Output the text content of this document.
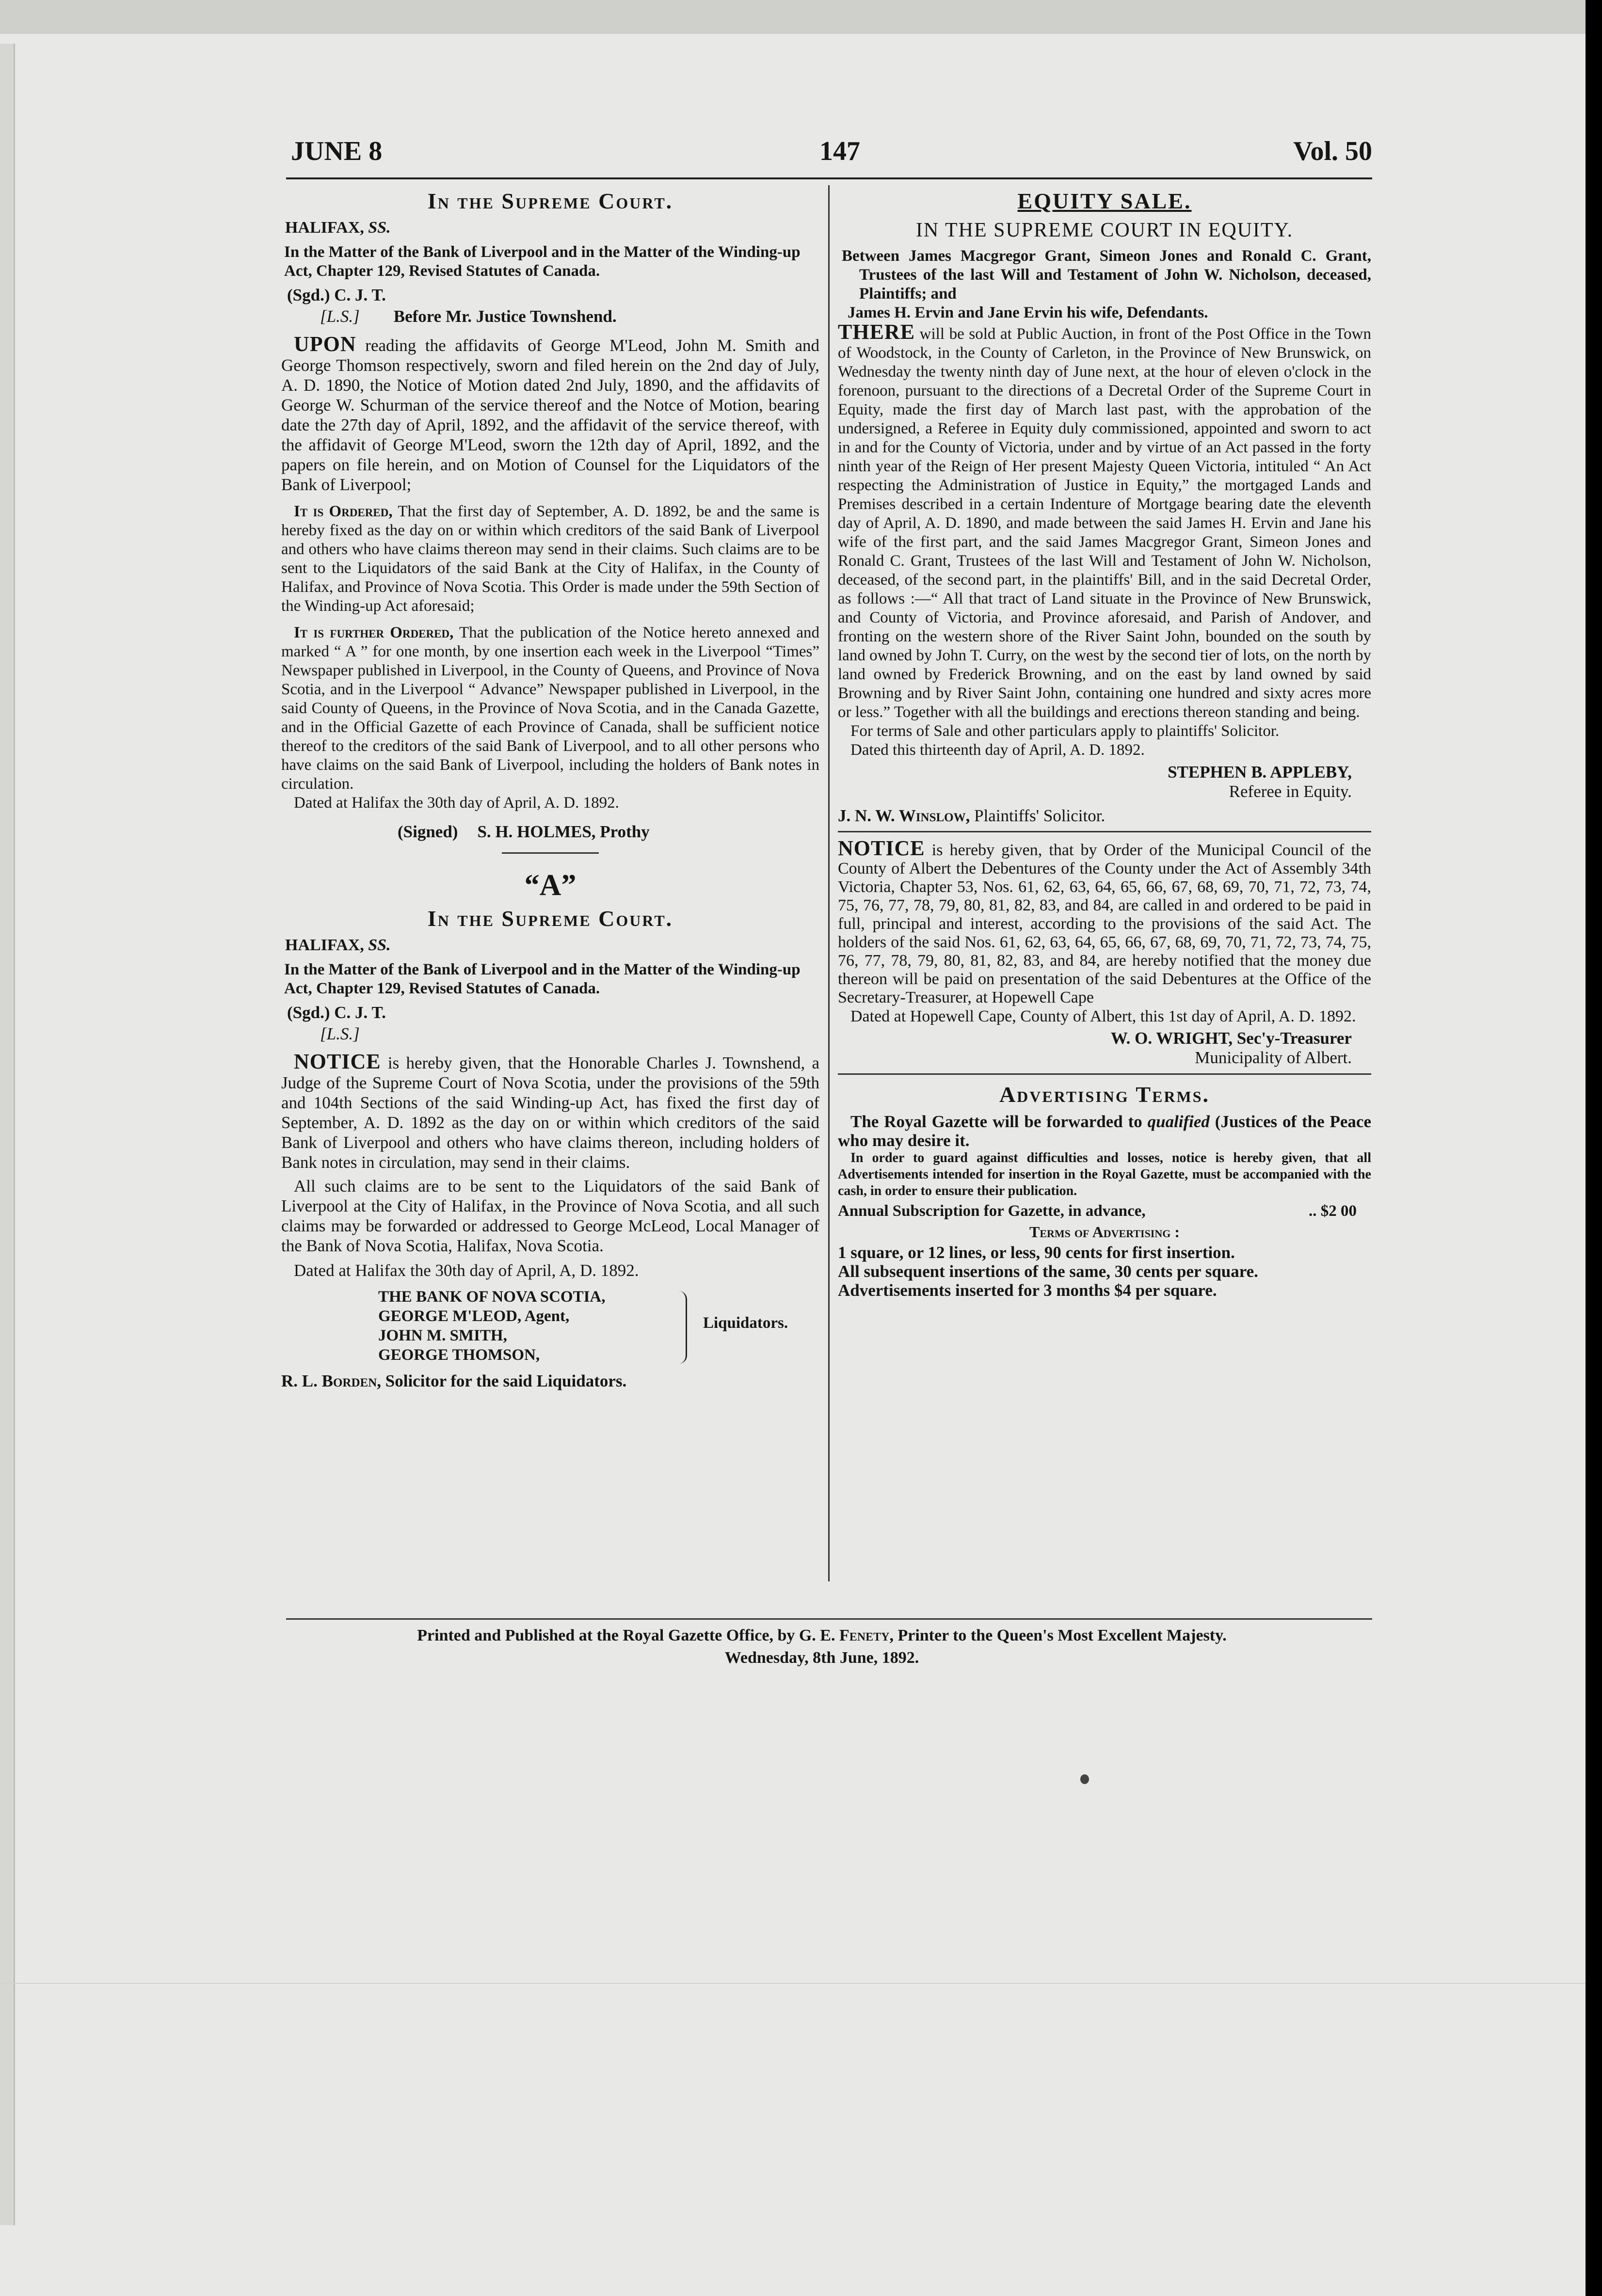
JUNE 8	147	Vol. 50

In the Supreme Court.

HALIFAX, SS.

In the Matter of the Bank of Liverpool and in the Matter of the Winding-up Act, Chapter 129, Revised Statutes of Canada.

(Sgd.) C. J. T.

[L.S.] Before Mr. Justice Townshend.

UPON reading the affidavits of George M'Leod, John M. Smith and George Thomson respectively, sworn and filed herein on the 2nd day of July, A. D. 1890, the Notice of Motion dated 2nd July, 1890, and the affidavits of George W. Schurman of the service thereof and the Notce of Motion, bearing date the 27th day of April, 1892, and the affidavit of the service thereof, with the affidavit of George M'Leod, sworn the 12th day of April, 1892, and the papers on file herein, and on Motion of Counsel for the Liquidators of the Bank of Liverpool;

It is Ordered, That the first day of September, A. D. 1892, be and the same is hereby fixed as the day on or within which creditors of the said Bank of Liverpool and others who have claims thereon may send in their claims. Such claims are to be sent to the Liquidators of the said Bank at the City of Halifax, in the County of Halifax, and Province of Nova Scotia. This Order is made under the 59th Section of the Winding-up Act aforesaid;

It is further Ordered, That the publication of the Notice hereto annexed and marked “ A ” for one month, by one insertion each week in the Liverpool “Times” Newspaper published in Liverpool, in the County of Queens, and Province of Nova Scotia, and in the Liverpool “ Advance” Newspaper published in Liverpool, in the said County of Queens, in the Province of Nova Scotia, and in the Canada Gazette, and in the Official Gazette of each Province of Canada, shall be sufficient notice thereof to the creditors of the said Bank of Liverpool, and to all other persons who have claims on the said Bank of Liverpool, including the holders of Bank notes in circulation.

Dated at Halifax the 30th day of April, A. D. 1892.

(Signed) S. H. HOLMES, Prothy

“A”

In the Supreme Court.

HALIFAX, SS.

In the Matter of the Bank of Liverpool and in the Matter of the Winding-up Act, Chapter 129, Revised Statutes of Canada.

(Sgd.) C. J. T.

[L.S.]

NOTICE is hereby given, that the Honorable Charles J. Townshend, a Judge of the Supreme Court of Nova Scotia, under the provisions of the 59th and 104th Sections of the said Winding-up Act, has fixed the first day of September, A. D. 1892 as the day on or within which creditors of the said Bank of Liverpool and others who have claims thereon, including holders of Bank notes in circulation, may send in their claims.

All such claims are to be sent to the Liquidators of the said Bank of Liverpool at the City of Halifax, in the Province of Nova Scotia, and all such claims may be forwarded or addressed to George McLeod, Local Manager of the Bank of Nova Scotia, Halifax, Nova Scotia.

Dated at Halifax the 30th day of April, A, D. 1892.

THE BANK OF NOVA SCOTIA,
GEORGE M'LEOD, Agent,
JOHN M. SMITH,
GEORGE THOMSON,
Liquidators.

R. L. Borden, Solicitor for the said Liquidators.

EQUITY SALE.

IN THE SUPREME COURT IN EQUITY.

Between James Macgregor Grant, Simeon Jones and Ronald C. Grant, Trustees of the last Will and Testament of John W. Nicholson, deceased, Plaintiffs; and

James H. Ervin and Jane Ervin his wife, Defendants.

THERE will be sold at Public Auction, in front of the Post Office in the Town of Woodstock, in the County of Carleton, in the Province of New Brunswick, on Wednesday the twenty ninth day of June next, at the hour of eleven o'clock in the forenoon, pursuant to the directions of a Decretal Order of the Supreme Court in Equity, made the first day of March last past, with the approbation of the undersigned, a Referee in Equity duly commissioned, appointed and sworn to act in and for the County of Victoria, under and by virtue of an Act passed in the forty ninth year of the Reign of Her present Majesty Queen Victoria, intituled “ An Act respecting the Administration of Justice in Equity,” the mortgaged Lands and Premises described in a certain Indenture of Mortgage bearing date the eleventh day of April, A. D. 1890, and made between the said James H. Ervin and Jane his wife of the first part, and the said James Macgregor Grant, Simeon Jones and Ronald C. Grant, Trustees of the last Will and Testament of John W. Nicholson, deceased, of the second part, in the plaintiffs' Bill, and in the said Decretal Order, as follows :—“ All that tract of Land situate in the Province of New Brunswick, and County of Victoria, and Province aforesaid, and Parish of Andover, and fronting on the western shore of the River Saint John, bounded on the south by land owned by John T. Curry, on the west by the second tier of lots, on the north by land owned by Frederick Browning, and on the east by land owned by said Browning and by River Saint John, containing one hundred and sixty acres more or less.” Together with all the buildings and erections thereon standing and being.

For terms of Sale and other particulars apply to plaintiffs' Solicitor.

Dated this thirteenth day of April, A. D. 1892.

STEPHEN B. APPLEBY,

Referee in Equity.

J. N. W. Winslow, Plaintiffs' Solicitor.

NOTICE is hereby given, that by Order of the Municipal Council of the County of Albert the Debentures of the County under the Act of Assembly 34th Victoria, Chapter 53, Nos. 61, 62, 63, 64, 65, 66, 67, 68, 69, 70, 71, 72, 73, 74, 75, 76, 77, 78, 79, 80, 81, 82, 83, and 84, are called in and ordered to be paid in full, principal and interest, according to the provisions of the said Act. The holders of the said Nos. 61, 62, 63, 64, 65, 66, 67, 68, 69, 70, 71, 72, 73, 74, 75, 76, 77, 78, 79, 80, 81, 82, 83, and 84, are hereby notified that the money due thereon will be paid on presentation of the said Debentures at the Office of the Secretary-Treasurer, at Hopewell Cape

Dated at Hopewell Cape, County of Albert, this 1st day of April, A. D. 1892.

W. O. WRIGHT, Sec'y-Treasurer

Municipality of Albert.

Advertising Terms.

The Royal Gazette will be forwarded to qualified (Justices of the Peace who may desire it.

In order to guard against difficulties and losses, notice is hereby given, that all Advertisements intended for insertion in the Royal Gazette, must be accompanied with the cash, in order to ensure their publication.

Annual Subscription for Gazette, in advance,	.. $2 00

Terms of Advertising :

1 square, or 12 lines, or less, 90 cents for first insertion.

All subsequent insertions of the same, 30 cents per square.

Advertisements inserted for 3 months $4 per square.

Printed and Published at the Royal Gazette Office, by G. E. Fenety, Printer to the Queen's Most Excellent Majesty.

Wednesday, 8th June, 1892.
